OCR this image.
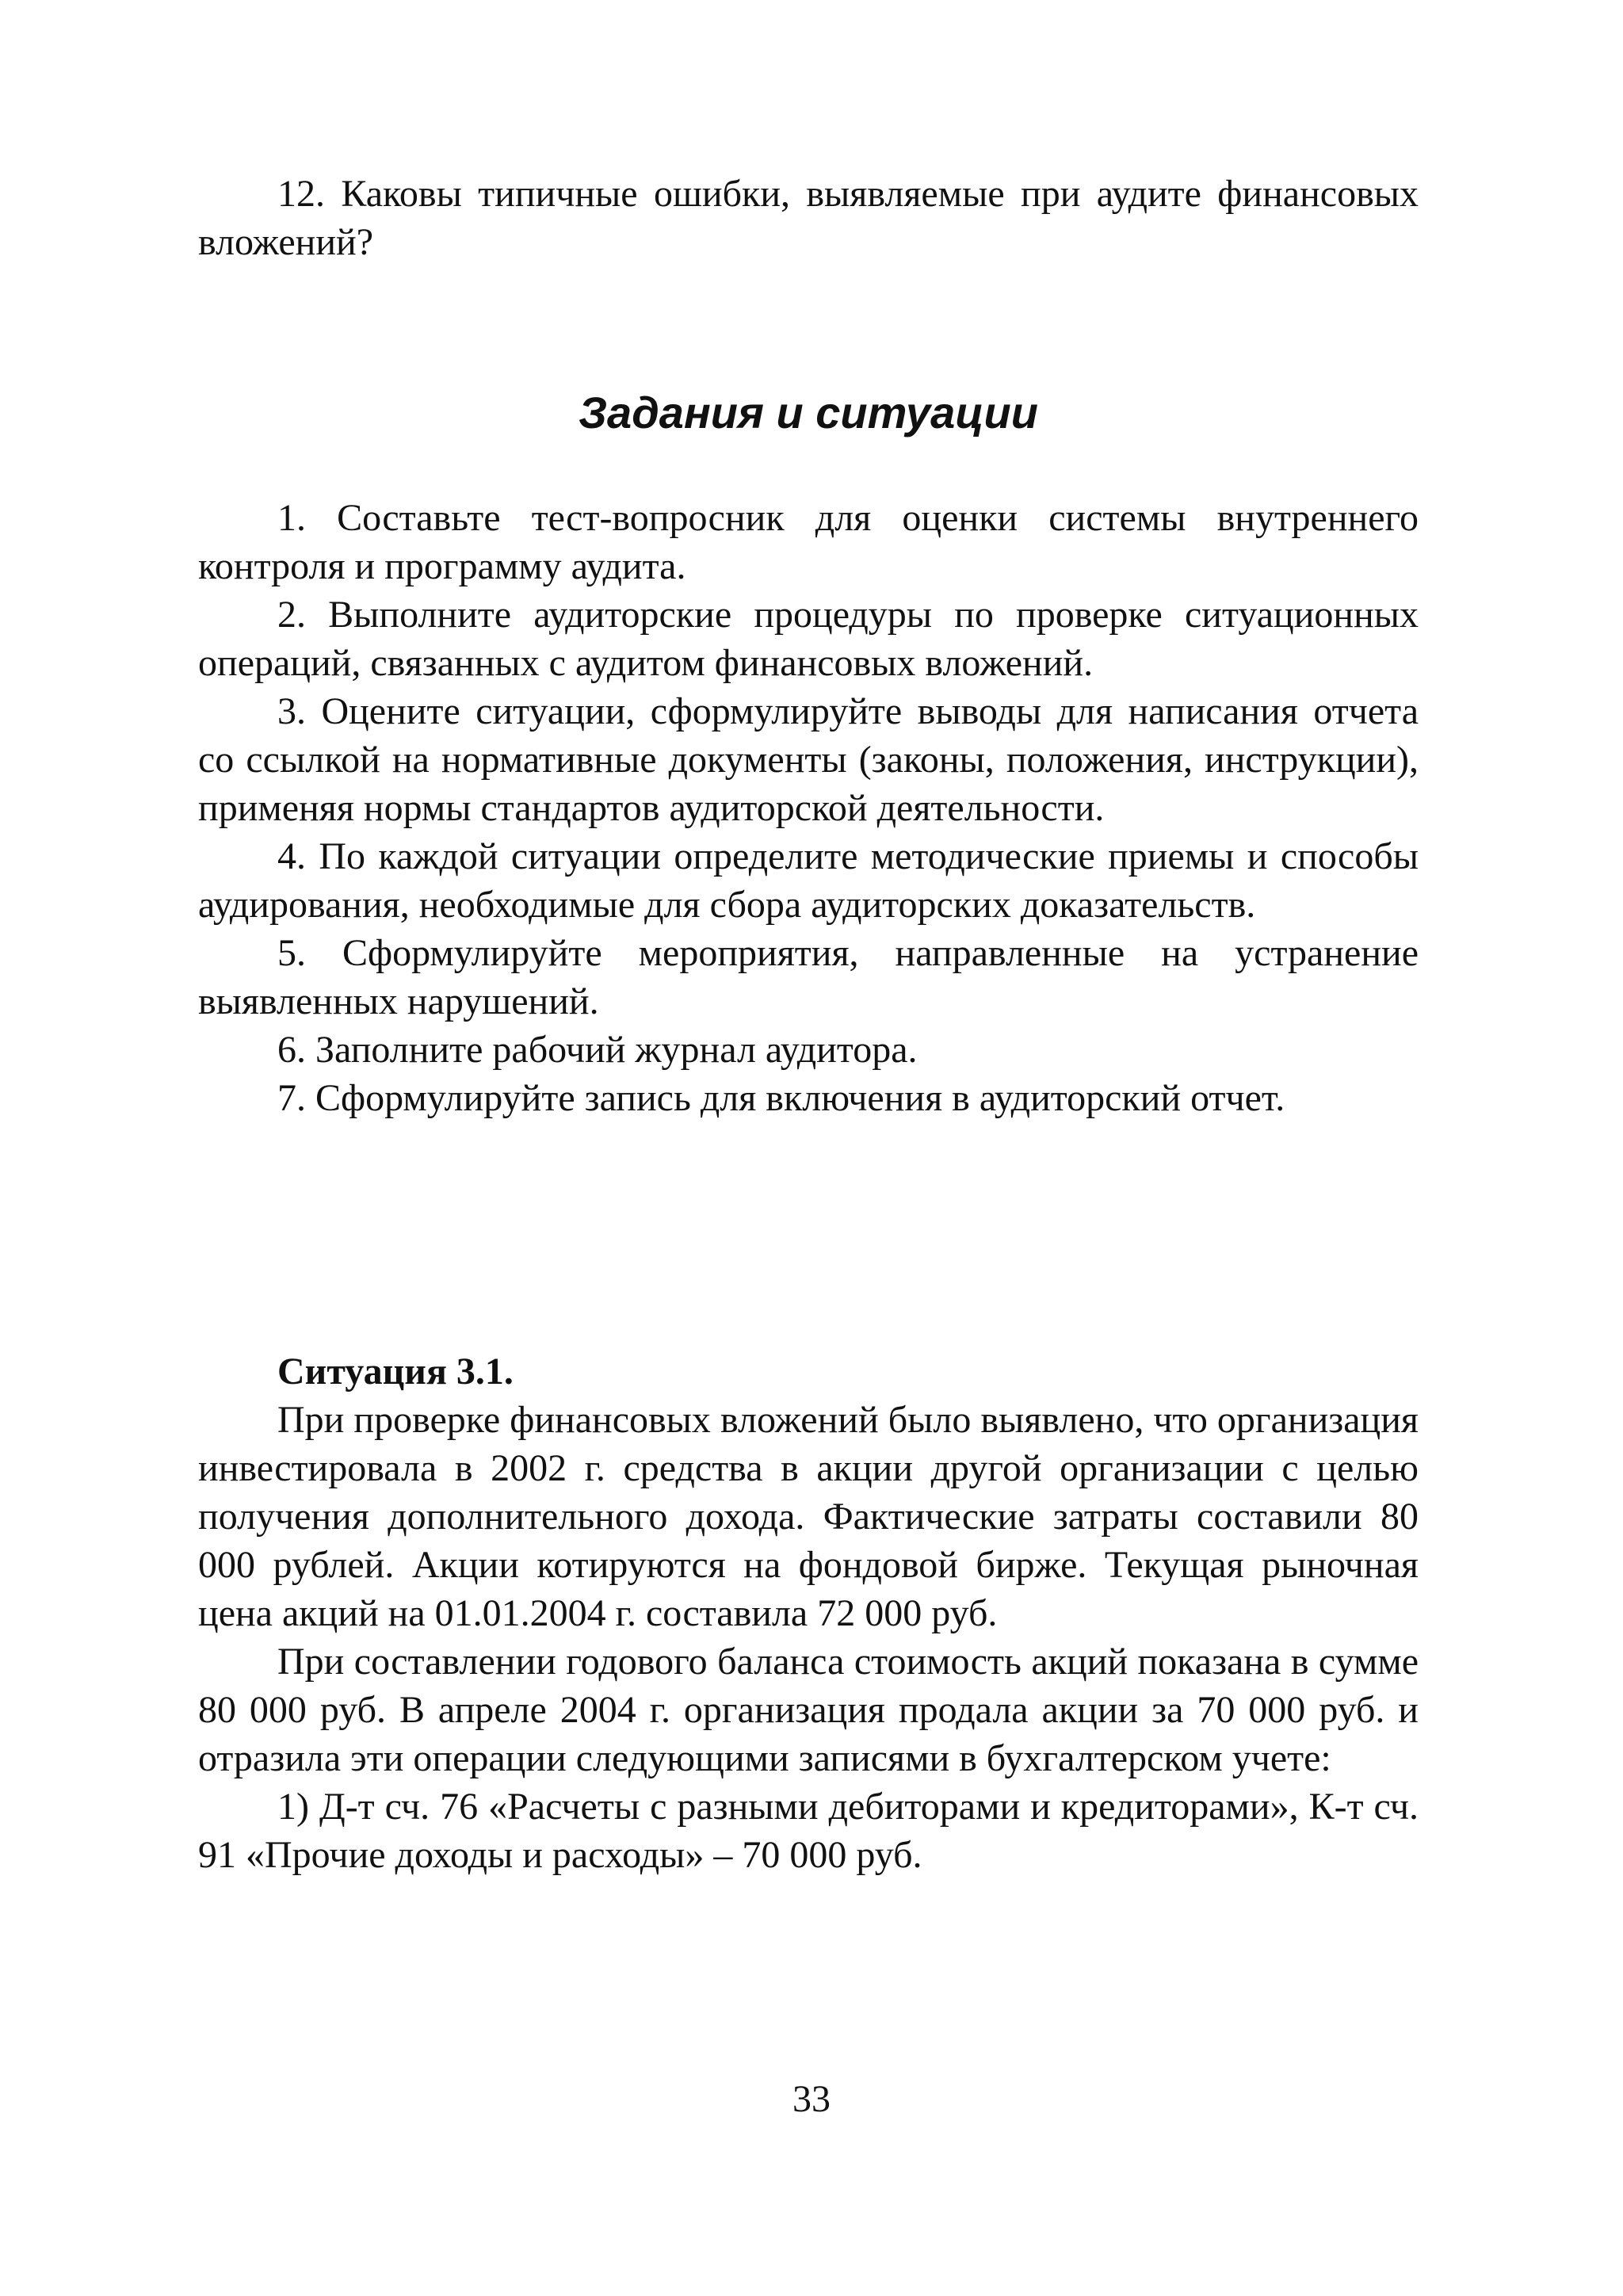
12. Каковы типичные ошибки, выявляемые при аудите финансовых вложений?

Задания и ситуации

1. Составьте тест-вопросник для оценки системы внутреннего контроля и программу аудита.

2. Выполните аудиторские процедуры по проверке ситуационных операций, связанных с аудитом финансовых вложений.

3. Оцените ситуации, сформулируйте выводы для написания отчета со ссылкой на нормативные документы (законы, положения, инструкции), применяя нормы стандартов аудиторской деятельности.

4. По каждой ситуации определите методические приемы и способы аудирования, необходимые для сбора аудиторских доказательств.

5. Сформулируйте мероприятия, направленные на устранение выявленных нарушений.

6. Заполните рабочий журнал аудитора.

7. Сформулируйте запись для включения в аудиторский отчет.

Ситуация 3.1.

При проверке финансовых вложений было выявлено, что организация инвестировала в 2002 г. средства в акции другой организации с целью получения дополнительного дохода. Фактические затраты составили 80 000 рублей. Акции котируются на фондовой бирже. Текущая рыночная цена акций на 01.01.2004 г. составила 72 000 руб.

При составлении годового баланса стоимость акций показана в сумме 80 000 руб. В апреле 2004 г. организация продала акции за 70 000 руб. и отразила эти операции следующими записями в бухгалтерском учете:

1) Д-т сч. 76 «Расчеты с разными дебиторами и кредиторами», К-т сч. 91 «Прочие доходы и расходы» – 70 000 руб.

33
